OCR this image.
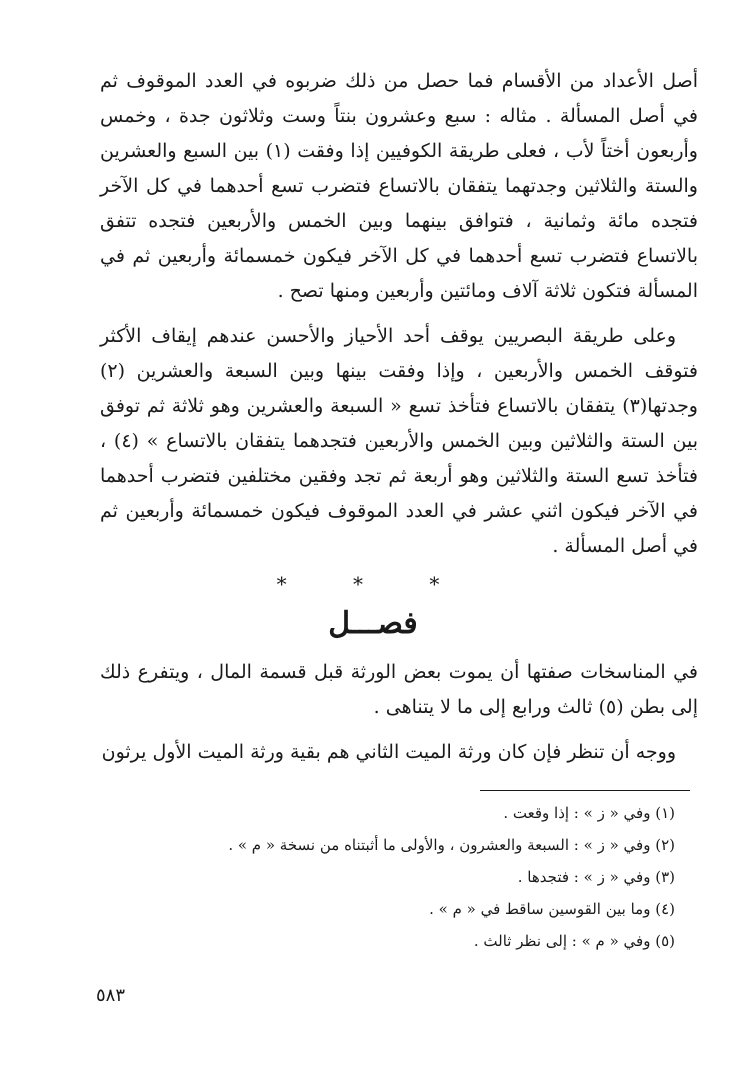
أصل الأعداد من الأقسام فما حصل من ذلك ضربوه في العدد الموقوف ثم في أصل المسألة . مثاله : سبع وعشرون بنتاً وست وثلاثون جدة ، وخمس وأربعون أختاً لأب ، فعلى طريقة الكوفيين إذا وفقت (١) بين السبع والعشرين والستة والثلاثين وجدتهما يتفقان بالاتساع فتضرب تسع أحدهما في كل الآخر فتجده مائة وثمانية ، فتوافق بينهما وبين الخمس والأربعين فتجده تتفق بالاتساع فتضرب تسع أحدهما في كل الآخر فيكون خمسمائة وأربعين ثم في المسألة فتكون ثلاثة آلاف ومائتين وأربعين ومنها تصح .

وعلى طريقة البصريين يوقف أحد الأحياز والأحسن عندهم إيقاف الأكثر فتوقف الخمس والأربعين ، وإذا وفقت بينها وبين السبعة والعشرين (٢) وجدتها(٣) يتفقان بالاتساع فتأخذ تسع « السبعة والعشرين وهو ثلاثة ثم توفق بين الستة والثلاثين وبين الخمس والأربعين فتجدهما يتفقان بالاتساع » (٤) ، فتأخذ تسع الستة والثلاثين وهو أربعة ثم تجد وفقين مختلفين فتضرب أحدهما في الآخر فيكون اثني عشر في العدد الموقوف فيكون خمسمائة وأربعين ثم في أصل المسألة .

* * *
فصـــل

في المناسخات صفتها أن يموت بعض الورثة قبل قسمة المال ، ويتفرع ذلك إلى بطن (٥) ثالث ورابع إلى ما لا يتناهى .

ووجه أن تنظر فإن كان ورثة الميت الثاني هم بقية ورثة الميت الأول يرثون

(١) وفي « ز » : إذا وقعت .

(٢) وفي « ز » : السبعة والعشرون ، والأولى ما أثبتناه من نسخة « م » .

(٣) وفي « ز » : فتجدها .

(٤) وما بين القوسين ساقط في « م » .

(٥) وفي « م » : إلى نظر ثالث .

٥٨٣
